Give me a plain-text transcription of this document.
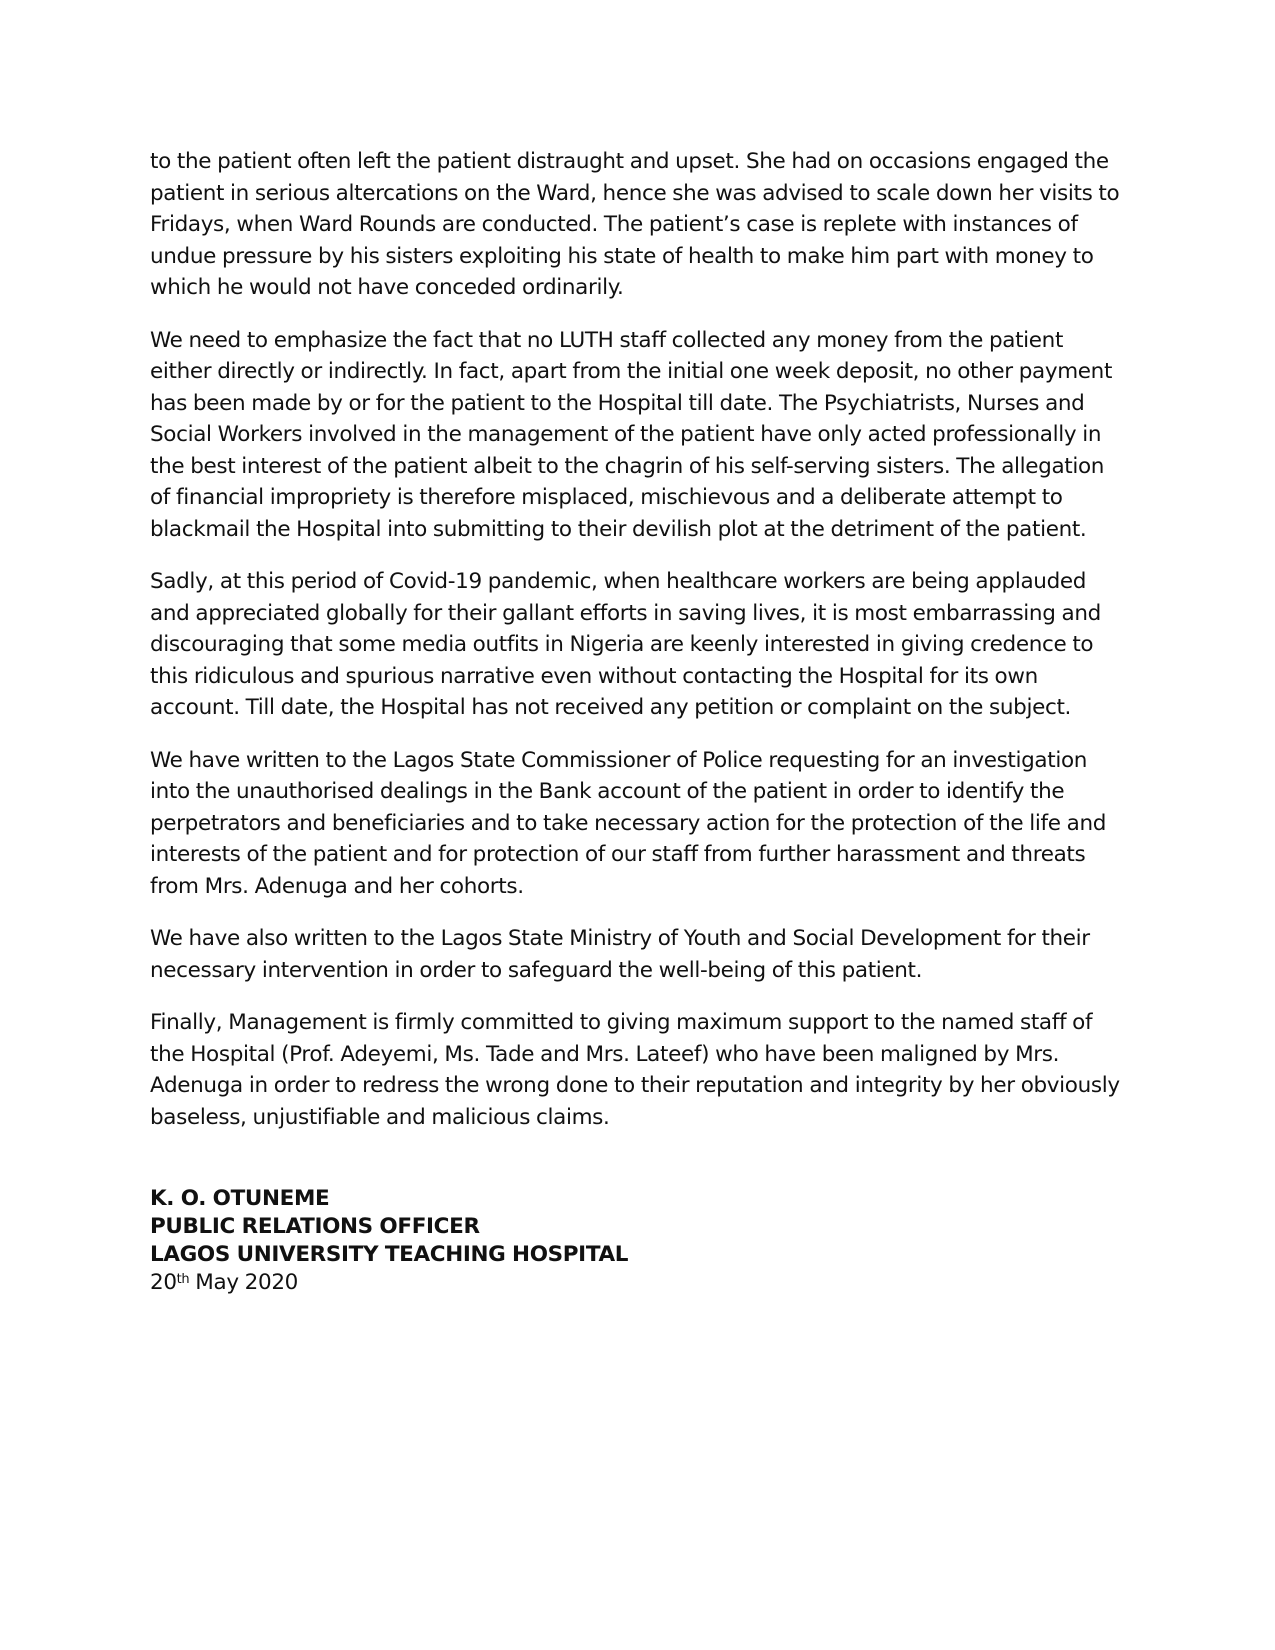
to the patient often left the patient distraught and upset. She had on occasions engaged the patient in serious altercations on the Ward, hence she was advised to scale down her visits to Fridays, when Ward Rounds are conducted. The patient’s case is replete with instances of undue pressure by his sisters exploiting his state of health to make him part with money to which he would not have conceded ordinarily.

We need to emphasize the fact that no LUTH staff collected any money from the patient either directly or indirectly. In fact, apart from the initial one week deposit, no other payment has been made by or for the patient to the Hospital till date. The Psychiatrists, Nurses and Social Workers involved in the management of the patient have only acted professionally in the best interest of the patient albeit to the chagrin of his self-serving sisters. The allegation of financial impropriety is therefore misplaced, mischievous and a deliberate attempt to blackmail the Hospital into submitting to their devilish plot at the detriment of the patient.

Sadly, at this period of Covid-19 pandemic, when healthcare workers are being applauded and appreciated globally for their gallant efforts in saving lives, it is most embarrassing and discouraging that some media outfits in Nigeria are keenly interested in giving credence to this ridiculous and spurious narrative even without contacting the Hospital for its own account. Till date, the Hospital has not received any petition or complaint on the subject.

We have written to the Lagos State Commissioner of Police requesting for an investigation into the unauthorised dealings in the Bank account of the patient in order to identify the perpetrators and beneficiaries and to take necessary action for the protection of the life and interests of the patient and for protection of our staff from further harassment and threats from Mrs. Adenuga and her cohorts.

We have also written to the Lagos State Ministry of Youth and Social Development for their necessary intervention in order to safeguard the well-being of this patient.

Finally, Management is firmly committed to giving maximum support to the named staff of the Hospital (Prof. Adeyemi, Ms. Tade and Mrs. Lateef) who have been maligned by Mrs. Adenuga in order to redress the wrong done to their reputation and integrity by her obviously baseless, unjustifiable and malicious claims.

K. O. OTUNEME
PUBLIC RELATIONS OFFICER
LAGOS UNIVERSITY TEACHING HOSPITAL
20th May 2020
